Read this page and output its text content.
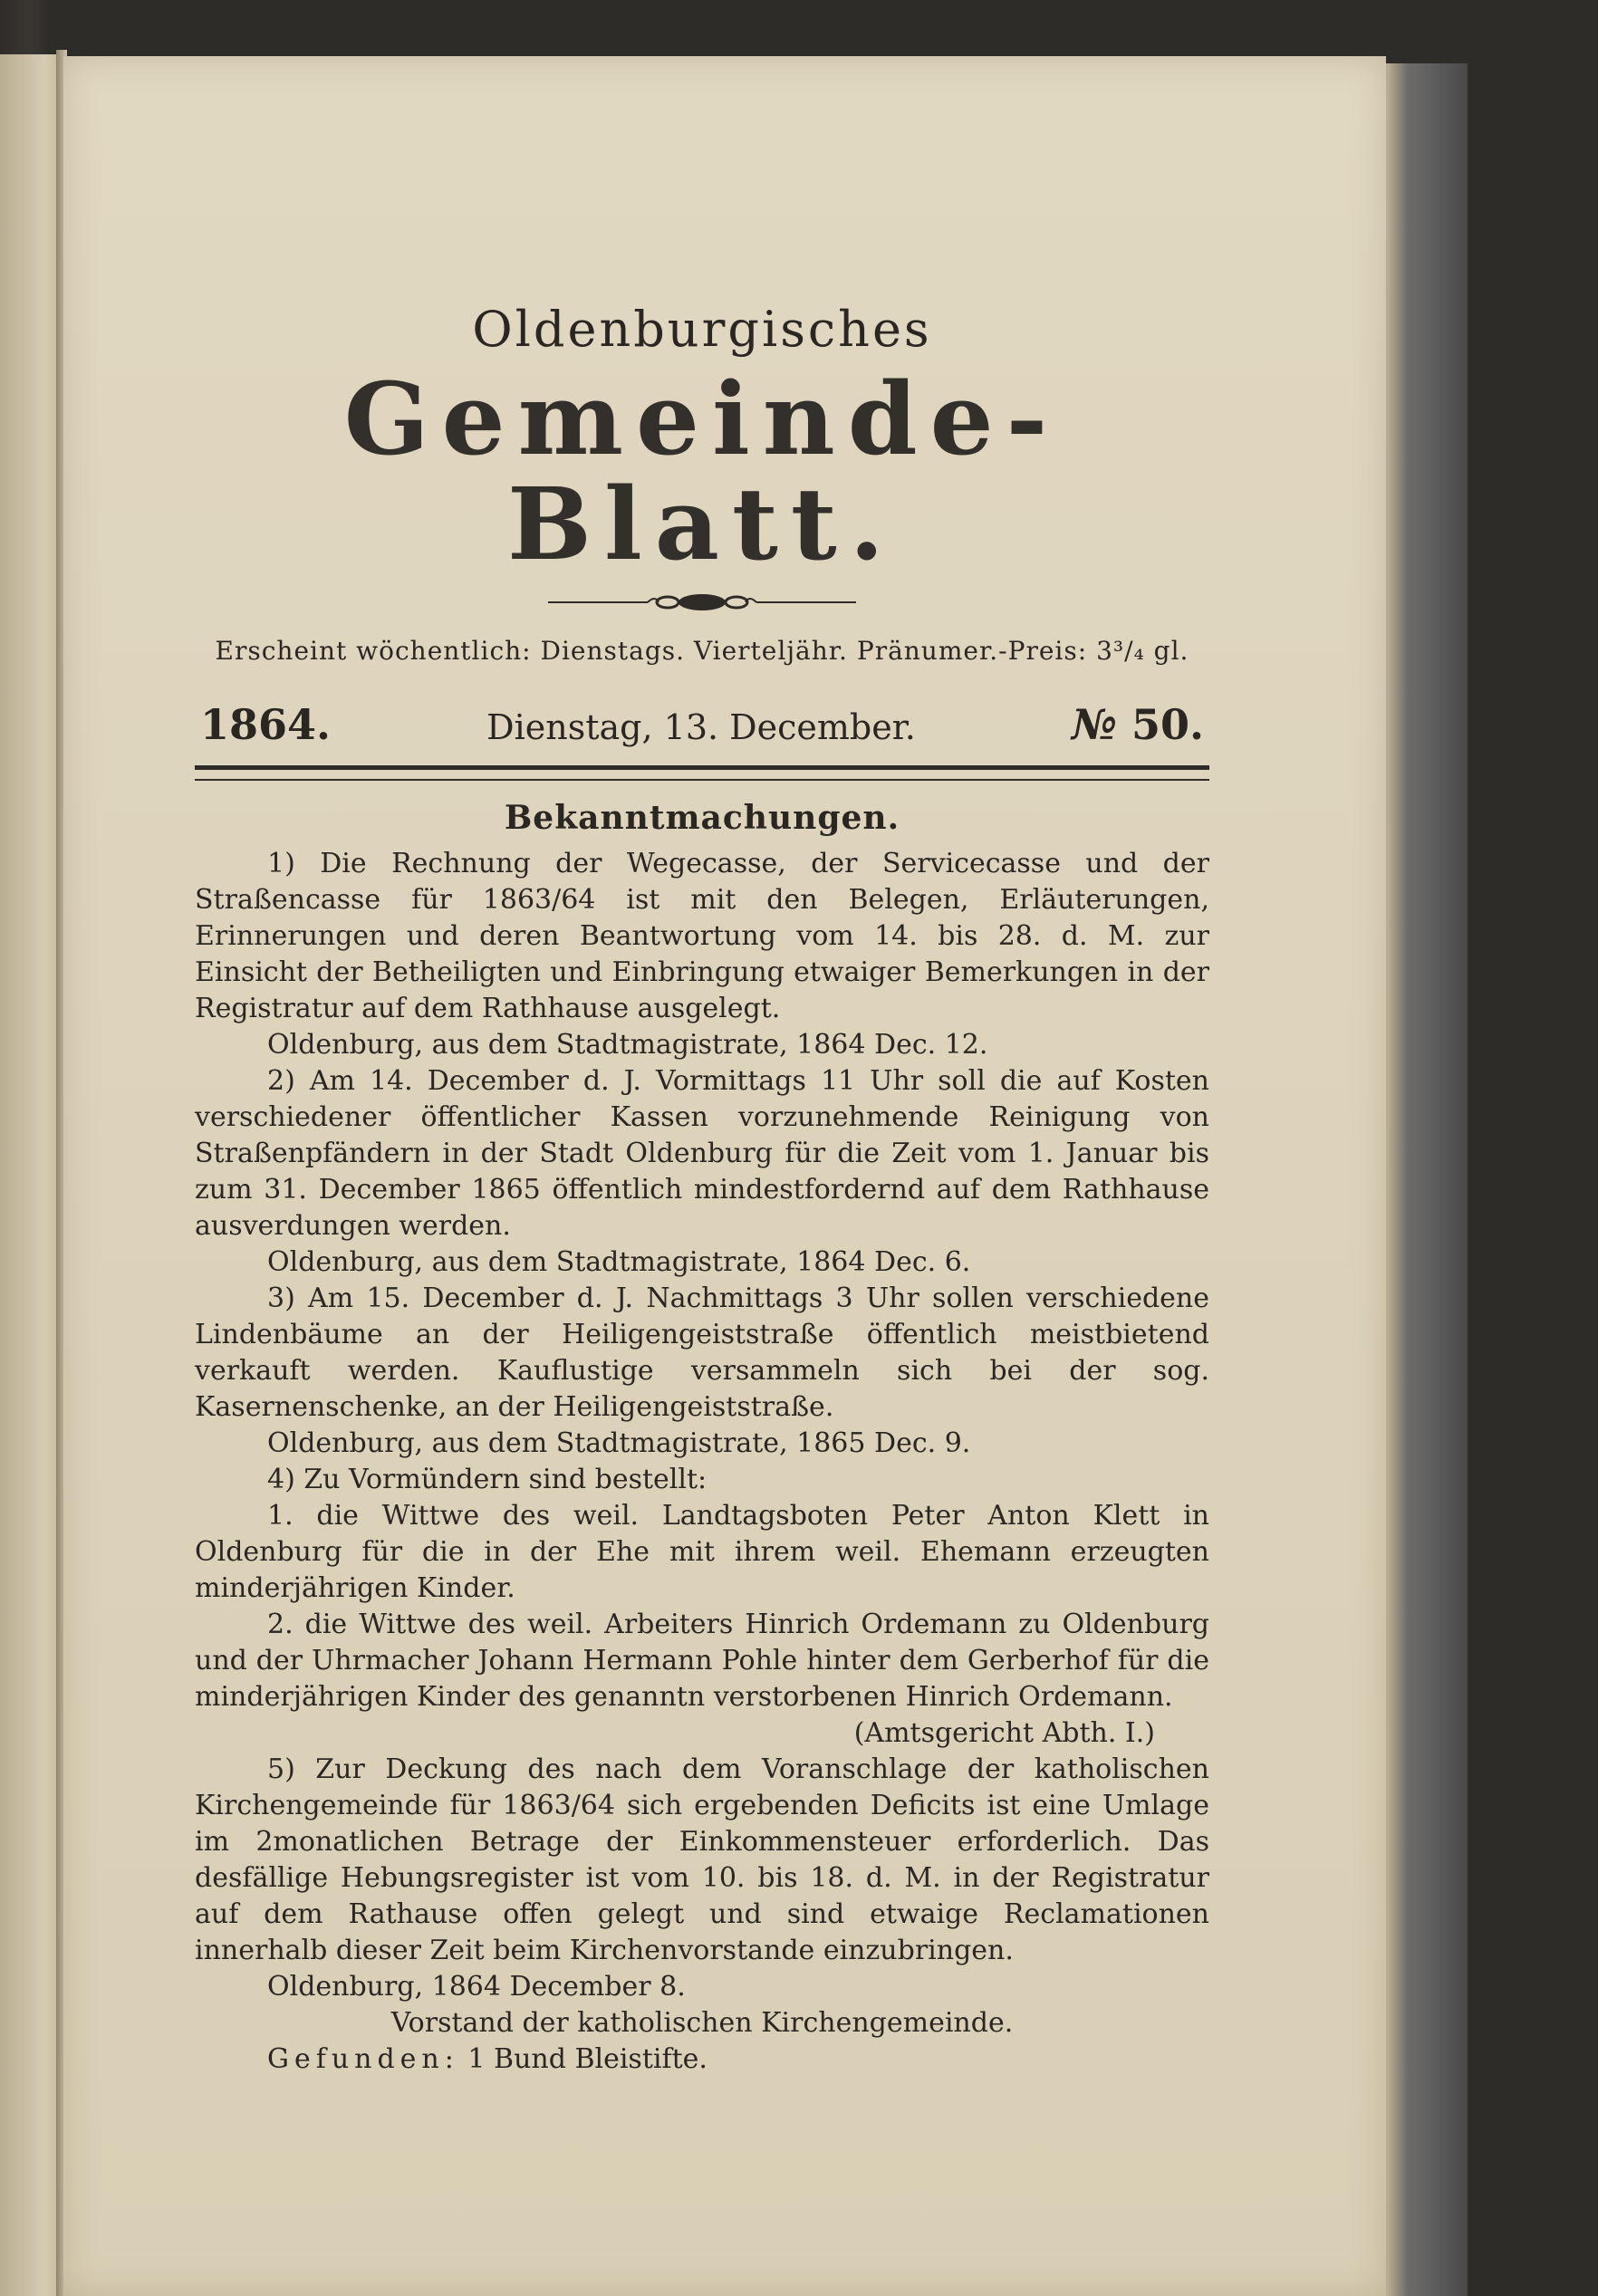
Oldenburgisches
Gemeinde-Blatt.
Erscheint wöchentlich: Dienstags. Vierteljähr. Pränumer.-Preis: 3³/₄ gl.
1864.	Dienstag, 13. December.	№ 50.
Bekanntmachungen.

1) Die Rechnung der Wegecasse, der Servicecasse und der Straßencasse für 1863/64 ist mit den Belegen, Erläuterungen, Erinnerungen und deren Beantwortung vom 14. bis 28. d. M. zur Einsicht der Betheiligten und Einbringung etwaiger Bemerkungen in der Registratur auf dem Rathhause ausgelegt.

Oldenburg, aus dem Stadtmagistrate, 1864 Dec. 12.

2) Am 14. December d. J. Vormittags 11 Uhr soll die auf Kosten verschiedener öffentlicher Kassen vorzunehmende Reinigung von Straßenpfändern in der Stadt Oldenburg für die Zeit vom 1. Januar bis zum 31. December 1865 öffentlich mindestfordernd auf dem Rathhause ausverdungen werden.

Oldenburg, aus dem Stadtmagistrate, 1864 Dec. 6.

3) Am 15. December d. J. Nachmittags 3 Uhr sollen verschiedene Lindenbäume an der Heiligengeiststraße öffentlich meistbietend verkauft werden. Kauflustige versammeln sich bei der sog. Kasernenschenke, an der Heiligengeiststraße.

Oldenburg, aus dem Stadtmagistrate, 1865 Dec. 9.

4) Zu Vormündern sind bestellt:

1. die Wittwe des weil. Landtagsboten Peter Anton Klett in Oldenburg für die in der Ehe mit ihrem weil. Ehemann erzeugten minderjährigen Kinder.

2. die Wittwe des weil. Arbeiters Hinrich Ordemann zu Oldenburg und der Uhrmacher Johann Hermann Pohle hinter dem Gerberhof für die minderjährigen Kinder des genanntn verstorbenen Hinrich Ordemann.

(Amtsgericht Abth. I.)

5) Zur Deckung des nach dem Voranschlage der katholischen Kirchengemeinde für 1863/64 sich ergebenden Deficits ist eine Umlage im 2monatlichen Betrage der Einkommensteuer erforderlich. Das desfällige Hebungsregister ist vom 10. bis 18. d. M. in der Registratur auf dem Rathause offen gelegt und sind etwaige Reclamationen innerhalb dieser Zeit beim Kirchenvorstande einzubringen.

Oldenburg, 1864 December 8.

Vorstand der katholischen Kirchengemeinde.

Gefunden: 1 Bund Bleistifte.
